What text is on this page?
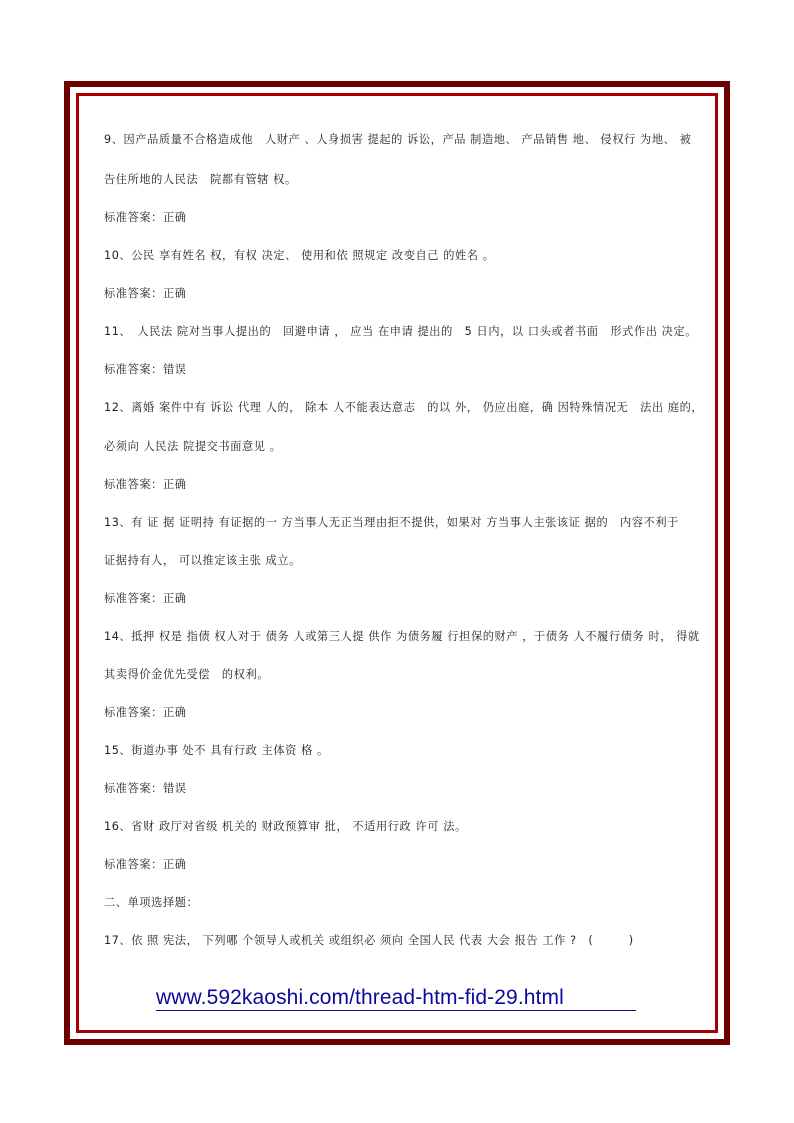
9、因产品质量不合格造成他　人财产 、人身损害 提起的 诉讼，产品 制造地、 产品销售 地、 侵权行 为地、 被
告住所地的人民法　院都有管辖 权。
标准答案：正确
10、公民 享有姓名 权，有权 决定、 使用和依 照规定 改变自己 的姓名 。
标准答案：正确
11、　人民法 院对当事人提出的　回避申请 ， 应当 在申请 提出的　5 日内，以 口头或者书面　形式作出 决定。
标准答案：错误
12、离婚 案件中有 诉讼 代理 人的， 除本 人不能表达意志　的以 外， 仍应出庭，确 因特殊情况无　法出 庭的，
必须向 人民法 院提交书面意见 。
标准答案：正确
13、有 证 据 证明持 有证据的一 方当事人无正当理由拒不提供，如果对 方当事人主张该证 据的　内容不利于
证据持有人， 可以推定该主张 成立。
标准答案：正确
14、抵押 权是 指债 权人对于 债务 人或第三人提 供作 为债务履 行担保的财产 ，于债务 人不履行债务 时， 得就
其卖得价金优先受偿　的权利。
标准答案：正确
15、街道办事 处不 具有行政 主体资 格 。
标准答案：错误
16、省财 政厅对省级 机关的 财政预算审 批， 不适用行政 许可 法。
标准答案：正确
二、单项选择题：
17、依 照 宪法， 下列哪 个领导人或机关 或组织必 须向 全国人民 代表 大会 报告 工作 ?　(　　　)
www.592kaoshi.com/thread-htm-fid-29.html
